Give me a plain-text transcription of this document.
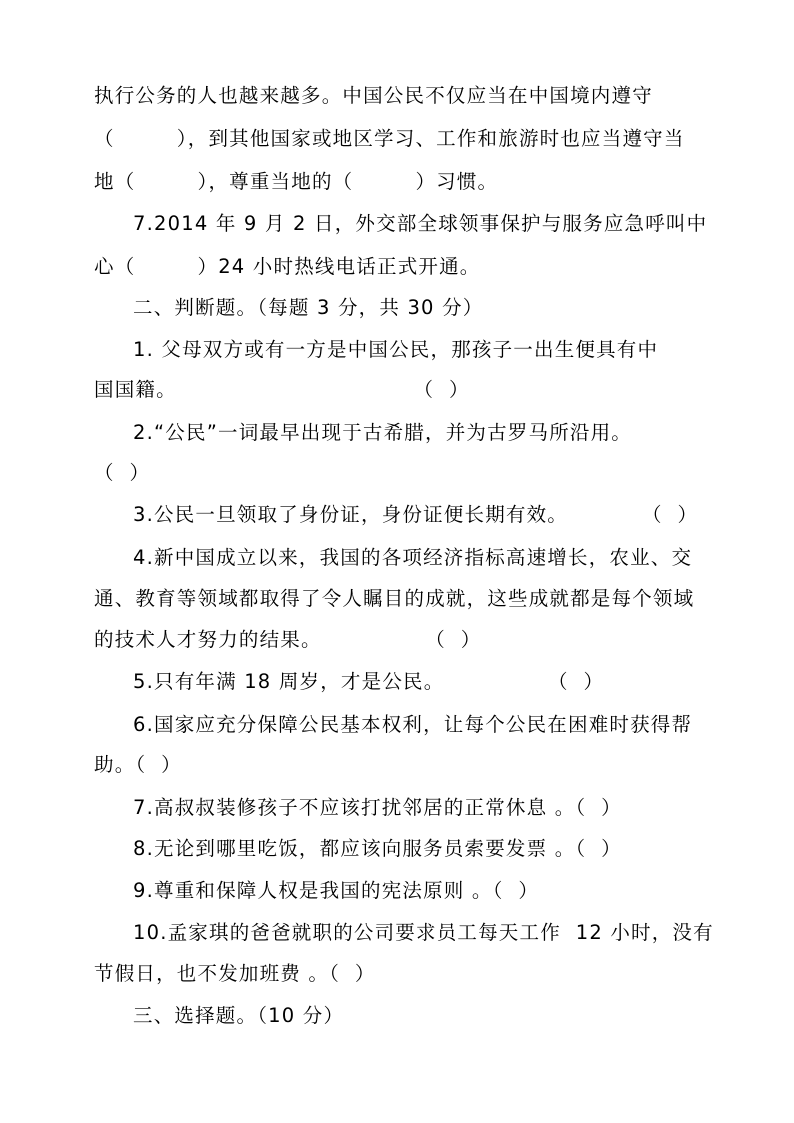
执行公务的人也越来越多。中国公民不仅应当在中国境内遵守
（　　　），到其他国家或地区学习、工作和旅游时也应当遵守当
地（　　　），尊重当地的（　　　）习惯。
7.2014 年 9 月 2 日，外交部全球领事保护与服务应急呼叫中
心（　　　）24 小时热线电话正式开通。
二、判断题。（每题 3 分，共 30 分）
1. 父母双方或有一方是中国公民，那孩子一出生便具有中
国国籍。                                （  ）
2.“公民”一词最早出现于古希腊，并为古罗马所沿用。
（  ）
3.公民一旦领取了身份证，身份证便长期有效。          （  ）
4.新中国成立以来，我国的各项经济指标高速增长，农业、交
通、教育等领域都取得了令人瞩目的成就，这些成就都是每个领域
的技术人才努力的结果。              （  ）
5.只有年满 18 周岁，才是公民。              （  ）
6.国家应充分保障公民基本权利，让每个公民在困难时获得帮
助。（  ）
7.高叔叔装修孩子不应该打扰邻居的正常休息 。（  ）
8.无论到哪里吃饭，都应该向服务员索要发票 。（  ）
9.尊重和保障人权是我国的宪法原则 。（  ）
10.孟家琪的爸爸就职的公司要求员工每天工作  12 小时，没有
节假日，也不发加班费 。（  ）
三、选择题。（10 分）
